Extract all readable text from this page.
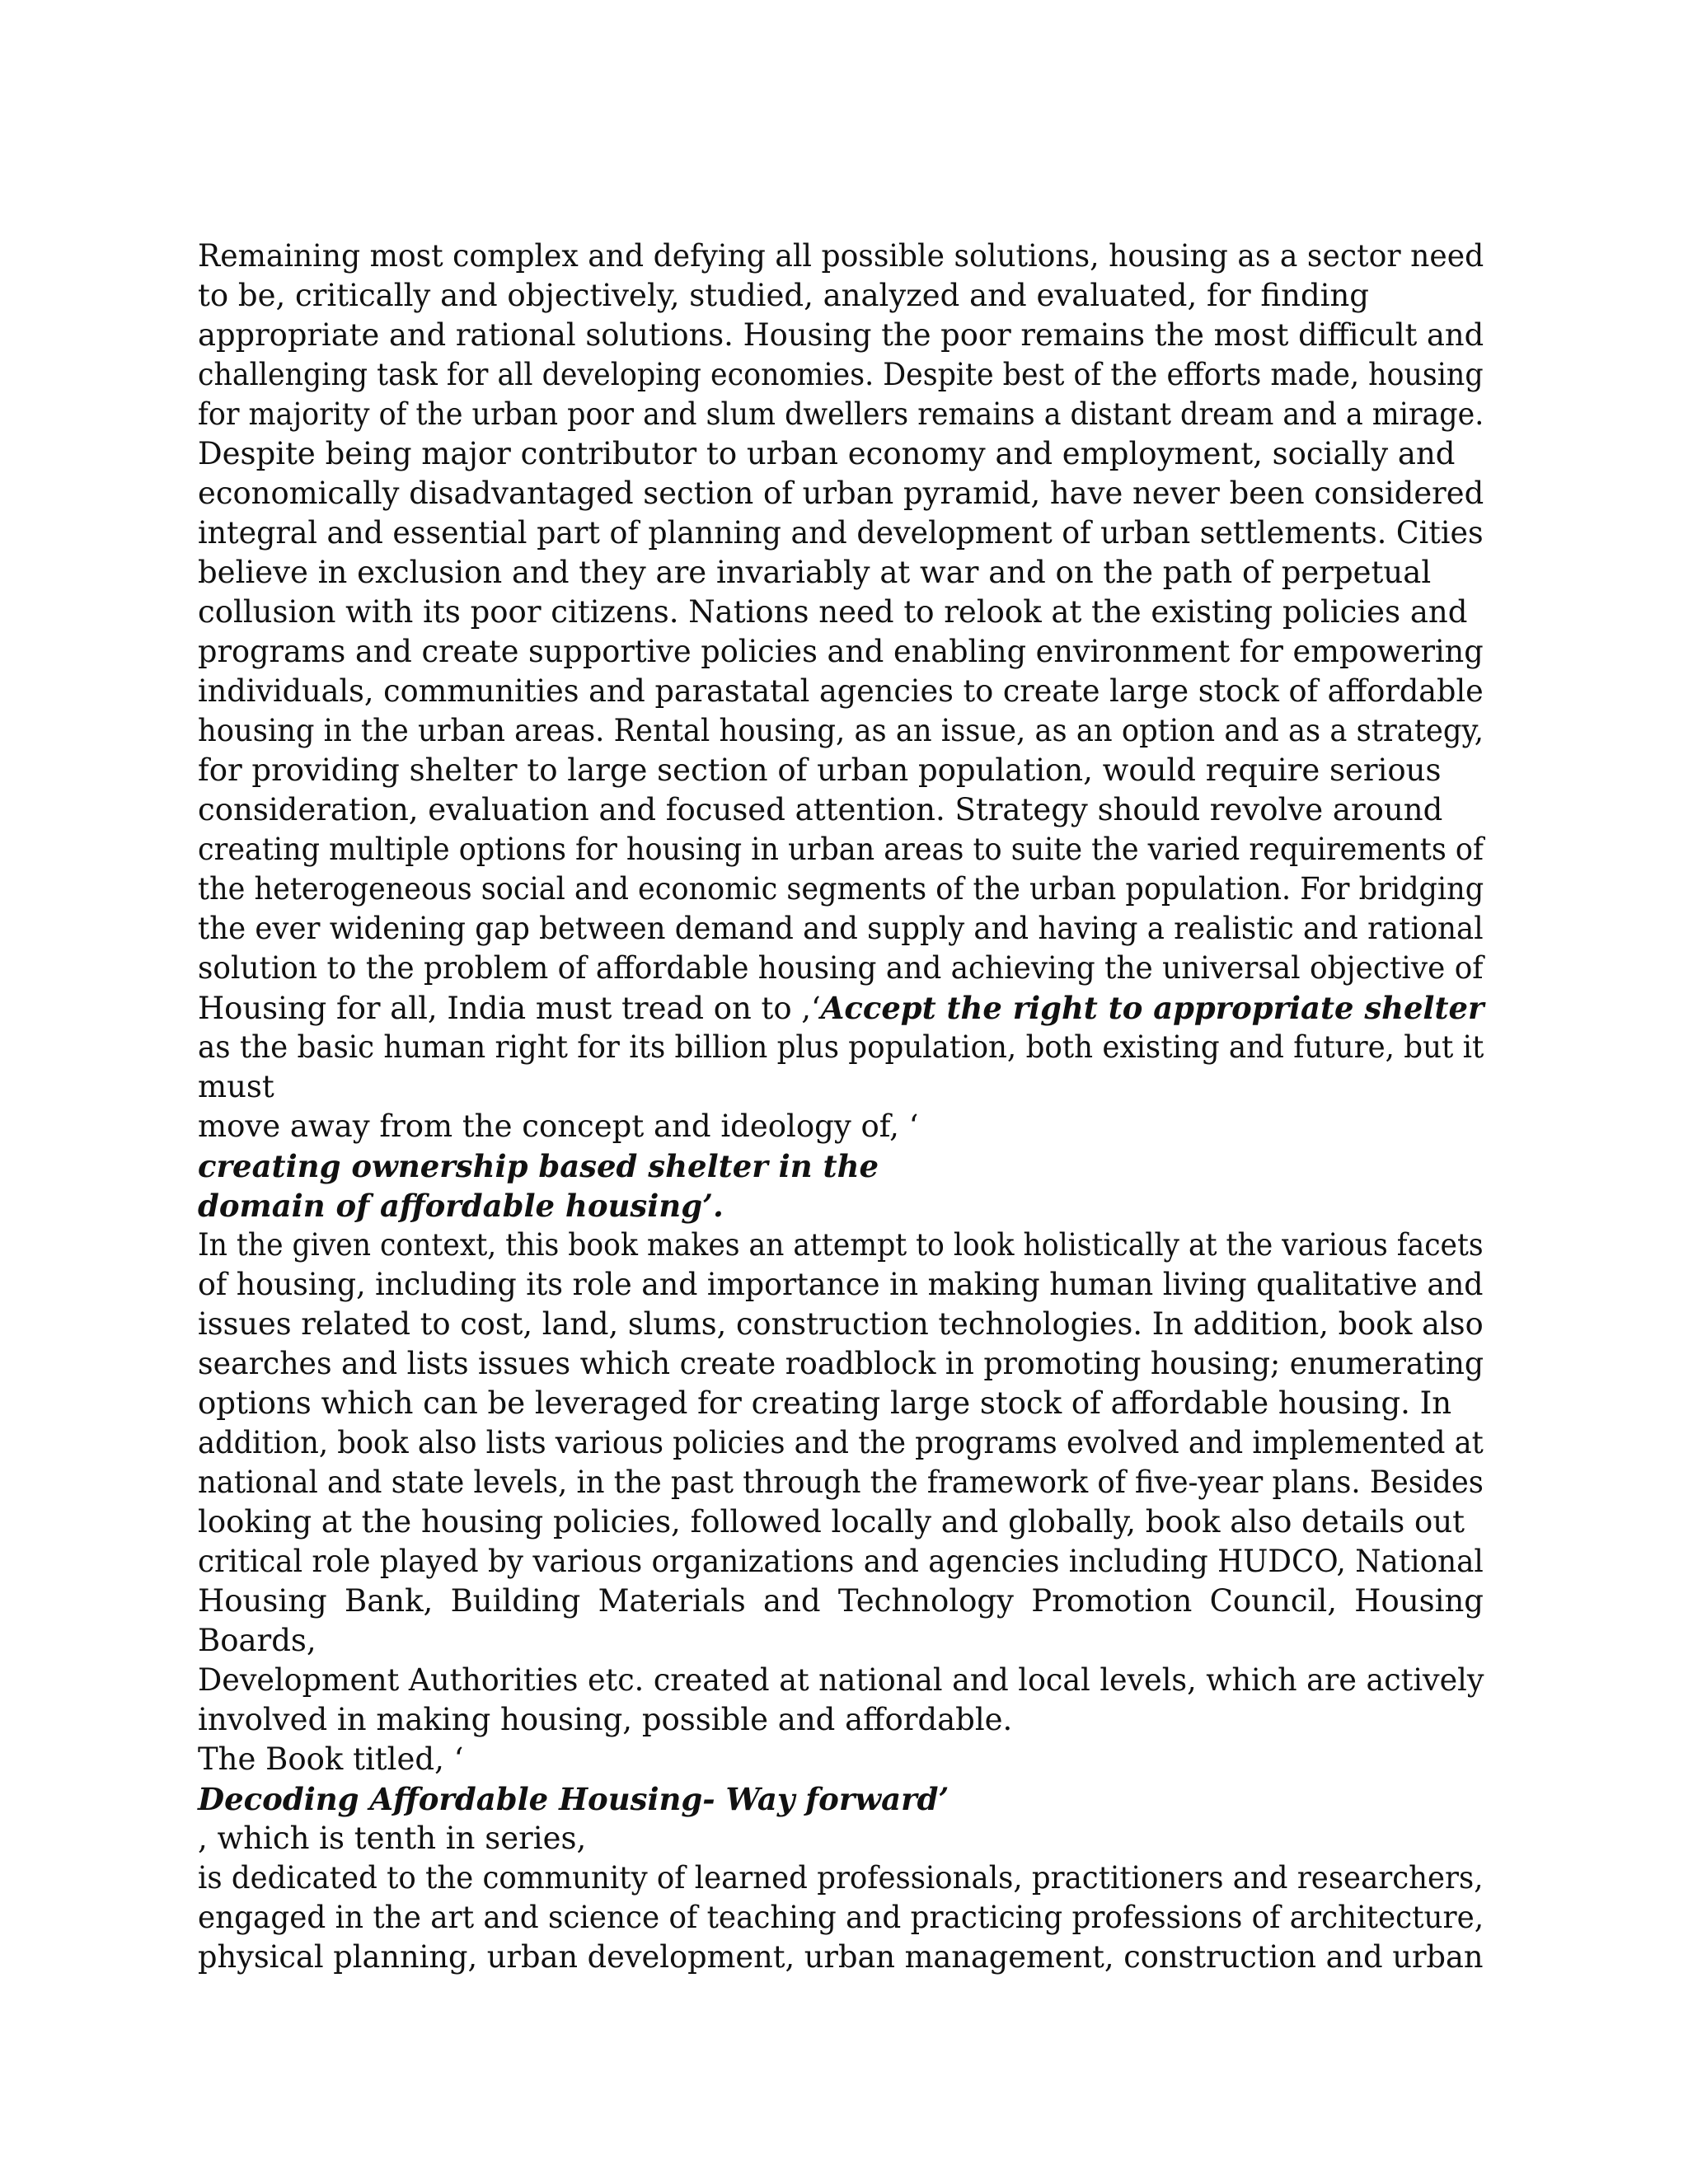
Remaining most complex and defying all possible solutions, housing as a sector need
to be, critically and objectively, studied, analyzed and evaluated, for finding
appropriate and rational solutions. Housing the poor remains the most difficult and
challenging task for all developing economies. Despite best of the efforts made, housing
for majority of the urban poor and slum dwellers remains a distant dream and a mirage.
Despite being major contributor to urban economy and employment, socially and
economically disadvantaged section of urban pyramid, have never been considered
integral and essential part of planning and development of urban settlements. Cities
believe in exclusion and they are invariably at war and on the path of perpetual
collusion with its poor citizens. Nations need to relook at the existing policies and
programs and create supportive policies and enabling environment for empowering
individuals, communities and parastatal agencies to create large stock of affordable
housing in the urban areas. Rental housing, as an issue, as an option and as a strategy,
for providing shelter to large section of urban population, would require serious
consideration, evaluation and focused attention. Strategy should revolve around
creating multiple options for housing in urban areas to suite the varied requirements of
the heterogeneous social and economic segments of the urban population. For bridging
the ever widening gap between demand and supply and having a realistic and rational
solution to the problem of affordable housing and achieving the universal objective of
Housing for all, India must tread on to ,‘Accept the right to appropriate shelter
as the basic human right for its billion plus population, both existing and future, but it
must
move away from the concept and ideology of, ‘
creating ownership based shelter in the
domain of affordable housing’.
In the given context, this book makes an attempt to look holistically at the various facets
of housing, including its role and importance in making human living qualitative and
issues related to cost, land, slums, construction technologies. In addition, book also
searches and lists issues which create roadblock in promoting housing; enumerating
options which can be leveraged for creating large stock of affordable housing. In
addition, book also lists various policies and the programs evolved and implemented at
national and state levels, in the past through the framework of five-year plans. Besides
looking at the housing policies, followed locally and globally, book also details out
critical role played by various organizations and agencies including HUDCO, National
Housing Bank, Building Materials and Technology Promotion Council, Housing
Boards,
Development Authorities etc. created at national and local levels, which are actively
involved in making housing, possible and affordable.
The Book titled, ‘
Decoding Affordable Housing- Way forward’
, which is tenth in series,
is dedicated to the community of learned professionals, practitioners and researchers,
engaged in the art and science of teaching and practicing professions of architecture,
physical planning, urban development, urban management, construction and urban
